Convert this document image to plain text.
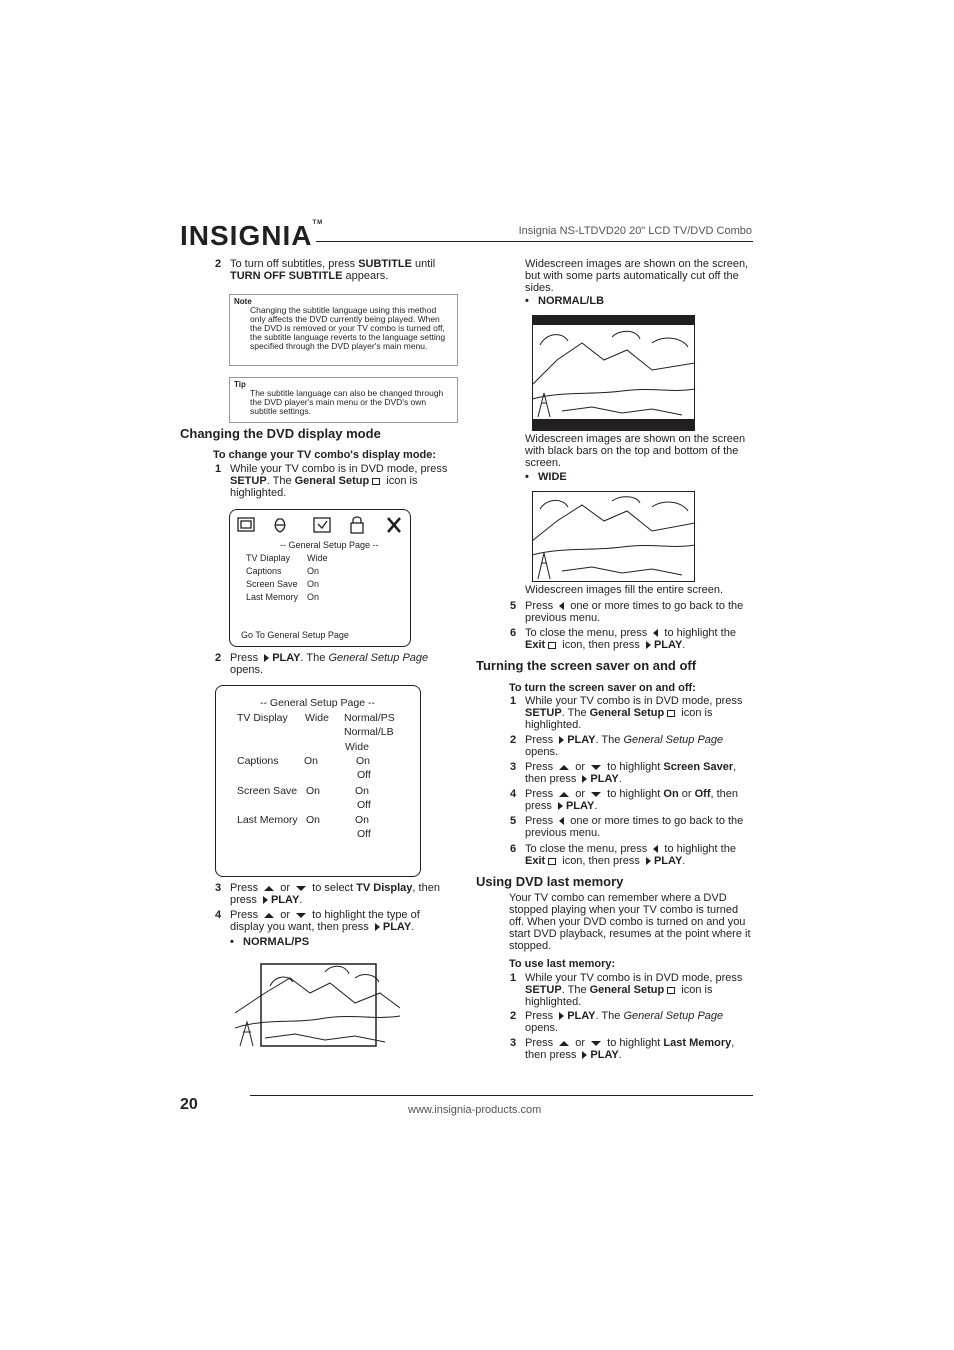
INSIGNIA™
Insignia NS-LTDVD20 20" LCD TV/DVD Combo
2 To turn off subtitles, press SUBTITLE until TURN OFF SUBTITLE appears.
Note
Changing the subtitle language using this method only affects the DVD currently being played. When the DVD is removed or your TV combo is turned off, the subtitle language reverts to the language setting specified through the DVD player's main menu.
Tip
The subtitle language can also be changed through the DVD player's main menu or the DVD's own subtitle settings.
Changing the DVD display mode
To change your TV combo's display mode:
1 While your TV combo is in DVD mode, press SETUP. The General Setup icon is highlighted.
-- General Setup Page --
TV Diaplay Wide
Captions	On
Screen Save On
Last Memory On
Go To General Setup Page
2 Press PLAY. The General Setup Page opens.
-- General Setup Page --
TV Display Wide Normal/PS
Normal/LB
Wide
Captions On	On
Off
Screen Save On	On
Off
Last Memory On	On
Off
3 Press  or  to select TV Display, then press PLAY.
4 Press  or  to highlight the type of display you want, then press PLAY.
•   NORMAL/PS
Widescreen images are shown on the screen, but with some parts automatically cut off the sides.
•   NORMAL/LB
Widescreen images are shown on the screen with black bars on the top and bottom of the screen.
•   WIDE
Widescreen images fill the entire screen.
5 Press  one or more times to go back to the previous menu.
6 To close the menu, press  to highlight the Exit icon, then press PLAY.
Turning the screen saver on and off
To turn the screen saver on and off:
1 While your TV combo is in DVD mode, press SETUP. The General Setup icon is highlighted.
2 Press PLAY. The General Setup Page opens.
3 Press  or  to highlight Screen Saver, then press PLAY.
4 Press  or  to highlight On or Off, then press PLAY.
5 Press  one or more times to go back to the previous menu.
6 To close the menu, press  to highlight the Exit icon, then press PLAY.
Using DVD last memory
Your TV combo can remember where a DVD stopped playing when your TV combo is turned off. When your DVD combo is turned on and you start DVD playback, resumes at the point where it stopped.
To use last memory:
1 While your TV combo is in DVD mode, press SETUP. The General Setup icon is highlighted.
2 Press PLAY. The General Setup Page opens.
3 Press  or  to highlight Last Memory, then press PLAY.
20	www.insignia-products.com
